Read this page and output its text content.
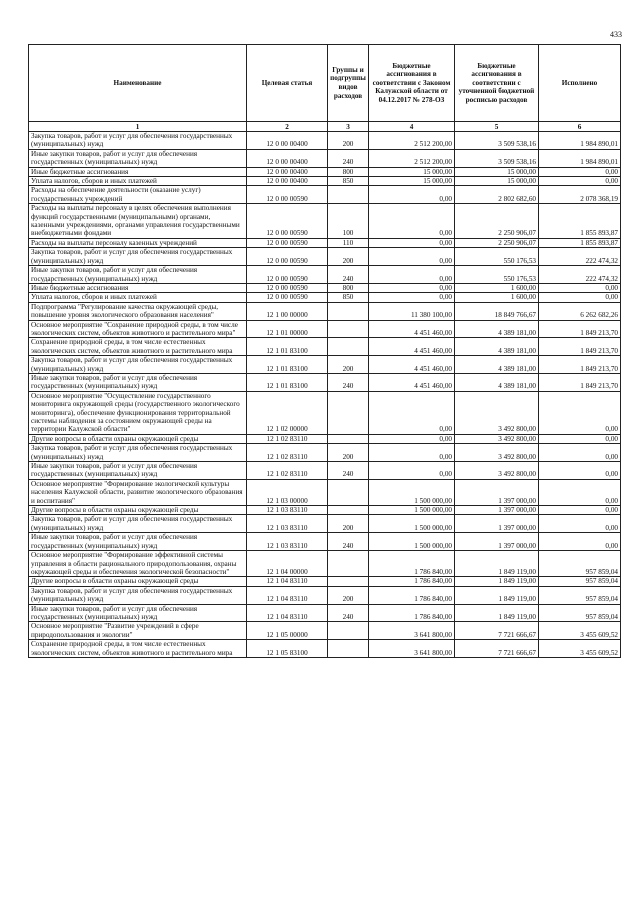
433
Наименование	Целевая статья	Группы и подгруппы видов расходов	Бюджетные ассигнования в соответствии с Законом Калужской области от 04.12.2017 № 278-ОЗ	Бюджетные ассигнования в соответствии с уточненной бюджетной росписью расходов	Исполнено
1	2	3	4	5	6
Закупка товаров, работ и услуг для обеспечения государственных (муниципальных) нужд	12 0 00 00400	200	2 512 200,00	3 509 538,16	1 984 890,01
Иные закупки товаров, работ и услуг для обеспечения государственных (муниципальных) нужд	12 0 00 00400	240	2 512 200,00	3 509 538,16	1 984 890,01
Иные бюджетные ассигнования	12 0 00 00400	800	15 000,00	15 000,00	0,00
Уплата налогов, сборов и иных платежей	12 0 00 00400	850	15 000,00	15 000,00	0,00
Расходы на обеспечение деятельности (оказание услуг) государственных учреждений	12 0 00 00590		0,00	2 802 682,60	2 078 368,19
Расходы на выплаты персоналу в целях обеспечения выполнения функций государственными (муниципальными) органами, казенными учреждениями, органами управления государственными внебюджетными фондами	12 0 00 00590	100	0,00	2 250 906,07	1 855 893,87
Расходы на выплаты персоналу казенных учреждений	12 0 00 00590	110	0,00	2 250 906,07	1 855 893,87
Закупка товаров, работ и услуг для обеспечения государственных (муниципальных) нужд	12 0 00 00590	200	0,00	550 176,53	222 474,32
Иные закупки товаров, работ и услуг для обеспечения государственных (муниципальных) нужд	12 0 00 00590	240	0,00	550 176,53	222 474,32
Иные бюджетные ассигнования	12 0 00 00590	800	0,00	1 600,00	0,00
Уплата налогов, сборов и иных платежей	12 0 00 00590	850	0,00	1 600,00	0,00
Подпрограмма "Регулирование качества окружающей среды, повышение уровня экологического образования населения"	12 1 00 00000		11 380 100,00	18 849 766,67	6 262 682,26
Основное мероприятие "Сохранение природной среды, в том числе экологических систем, объектов животного и растительного мира"	12 1 01 00000		4 451 460,00	4 389 181,00	1 849 213,70
Сохранение природной среды, в том числе естественных экологических систем, объектов животного и растительного мира	12 1 01 83100		4 451 460,00	4 389 181,00	1 849 213,70
Закупка товаров, работ и услуг для обеспечения государственных (муниципальных) нужд	12 1 01 83100	200	4 451 460,00	4 389 181,00	1 849 213,70
Иные закупки товаров, работ и услуг для обеспечения государственных (муниципальных) нужд	12 1 01 83100	240	4 451 460,00	4 389 181,00	1 849 213,70
Основное мероприятие "Осуществление государственного мониторинга окружающей среды (государственного экологического мониторинга), обеспечение функционирования территориальной системы наблюдения за состоянием окружающей среды на территории Калужской области"	12 1 02 00000		0,00	3 492 800,00	0,00
Другие вопросы в области охраны окружающей среды	12 1 02 83110		0,00	3 492 800,00	0,00
Закупка товаров, работ и услуг для обеспечения государственных (муниципальных) нужд	12 1 02 83110	200	0,00	3 492 800,00	0,00
Иные закупки товаров, работ и услуг для обеспечения государственных (муниципальных) нужд	12 1 02 83110	240	0,00	3 492 800,00	0,00
Основное мероприятие "Формирование экологической культуры населения Калужской области, развитие экологического образования и воспитания"	12 1 03 00000		1 500 000,00	1 397 000,00	0,00
Другие вопросы в области охраны окружающей среды	12 1 03 83110		1 500 000,00	1 397 000,00	0,00
Закупка товаров, работ и услуг для обеспечения государственных (муниципальных) нужд	12 1 03 83110	200	1 500 000,00	1 397 000,00	0,00
Иные закупки товаров, работ и услуг для обеспечения государственных (муниципальных) нужд	12 1 03 83110	240	1 500 000,00	1 397 000,00	0,00
Основное мероприятие "Формирование эффективной системы управления в области рационального природопользования, охраны окружающей среды и обеспечения экологической безопасности"	12 1 04 00000		1 786 840,00	1 849 119,00	957 859,04
Другие вопросы в области охраны окружающей среды	12 1 04 83110		1 786 840,00	1 849 119,00	957 859,04
Закупка товаров, работ и услуг для обеспечения государственных (муниципальных) нужд	12 1 04 83110	200	1 786 840,00	1 849 119,00	957 859,04
Иные закупки товаров, работ и услуг для обеспечения государственных (муниципальных) нужд	12 1 04 83110	240	1 786 840,00	1 849 119,00	957 859,04
Основное мероприятие "Развитие учреждений в сфере природопользования и экологии"	12 1 05 00000		3 641 800,00	7 721 666,67	3 455 609,52
Сохранение природной среды, в том числе естественных экологических систем, объектов животного и растительного мира	12 1 05 83100		3 641 800,00	7 721 666,67	3 455 609,52
